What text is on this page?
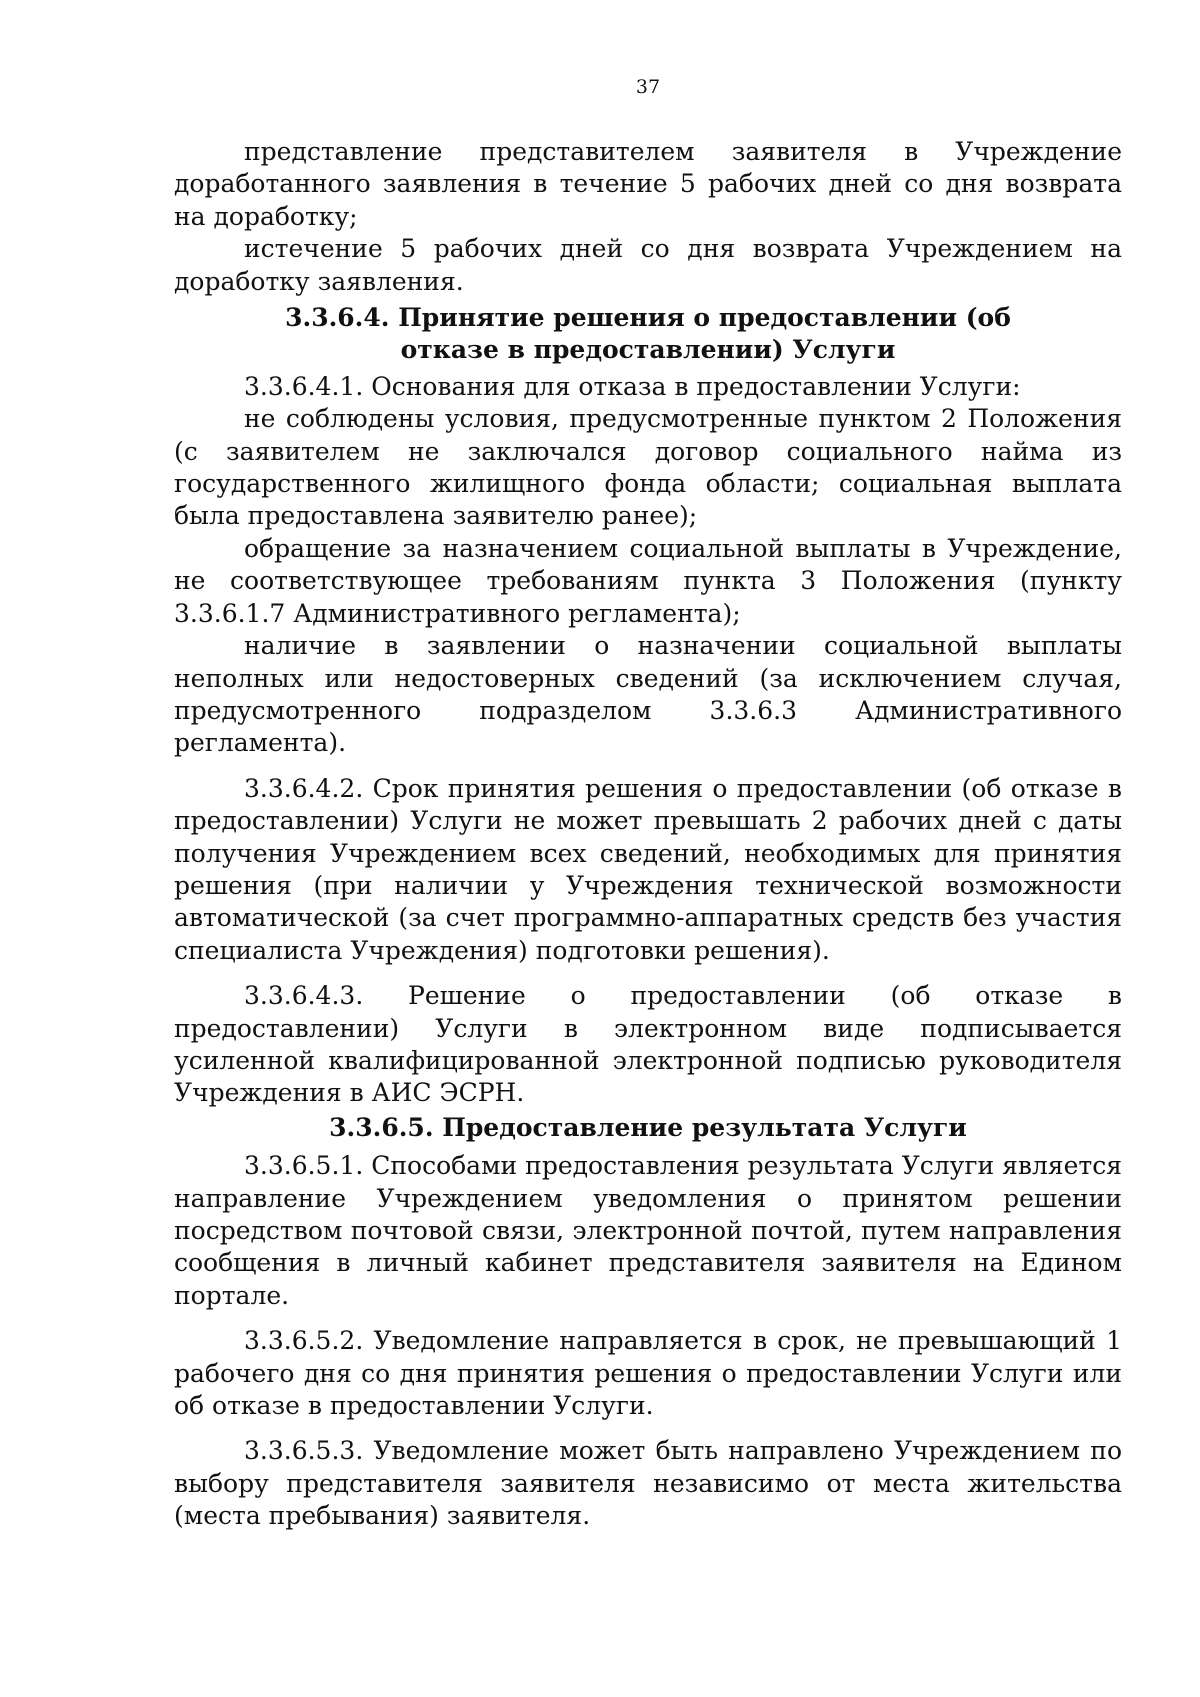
37

представление представителем заявителя в Учреждение доработанного заявления в течение 5 рабочих дней со дня возврата на доработку;

истечение 5 рабочих дней со дня возврата Учреждением на доработку заявления.

3.3.6.4. Принятие решения о предоставлении (об отказе в предоставлении) Услуги

3.3.6.4.1. Основания для отказа в предоставлении Услуги:

не соблюдены условия, предусмотренные пунктом 2 Положения (с заявителем не заключался договор социального найма из государственного жилищного фонда области; социальная выплата была предоставлена заявителю ранее);

обращение за назначением социальной выплаты в Учреждение, не соответствующее требованиям пункта 3 Положения (пункту 3.3.6.1.7 Административного регламента);

наличие в заявлении о назначении социальной выплаты неполных или недостоверных сведений (за исключением случая, предусмотренного подразделом 3.3.6.3 Административного регламента).

3.3.6.4.2. Срок принятия решения о предоставлении (об отказе в предоставлении) Услуги не может превышать 2 рабочих дней с даты получения Учреждением всех сведений, необходимых для принятия решения (при наличии у Учреждения технической возможности автоматической (за счет программно-аппаратных средств без участия специалиста Учреждения) подготовки решения).

3.3.6.4.3. Решение о предоставлении (об отказе в предоставлении) Услуги в электронном виде подписывается усиленной квалифицированной электронной подписью руководителя Учреждения в АИС ЭСРН.

3.3.6.5. Предоставление результата Услуги

3.3.6.5.1. Способами предоставления результата Услуги является направление Учреждением уведомления о принятом решении посредством почтовой связи, электронной почтой, путем направления сообщения в личный кабинет представителя заявителя на Едином портале.

3.3.6.5.2. Уведомление направляется в срок, не превышающий 1 рабочего дня со дня принятия решения о предоставлении Услуги или об отказе в предоставлении Услуги.

3.3.6.5.3. Уведомление может быть направлено Учреждением по выбору представителя заявителя независимо от места жительства (места пребывания) заявителя.
